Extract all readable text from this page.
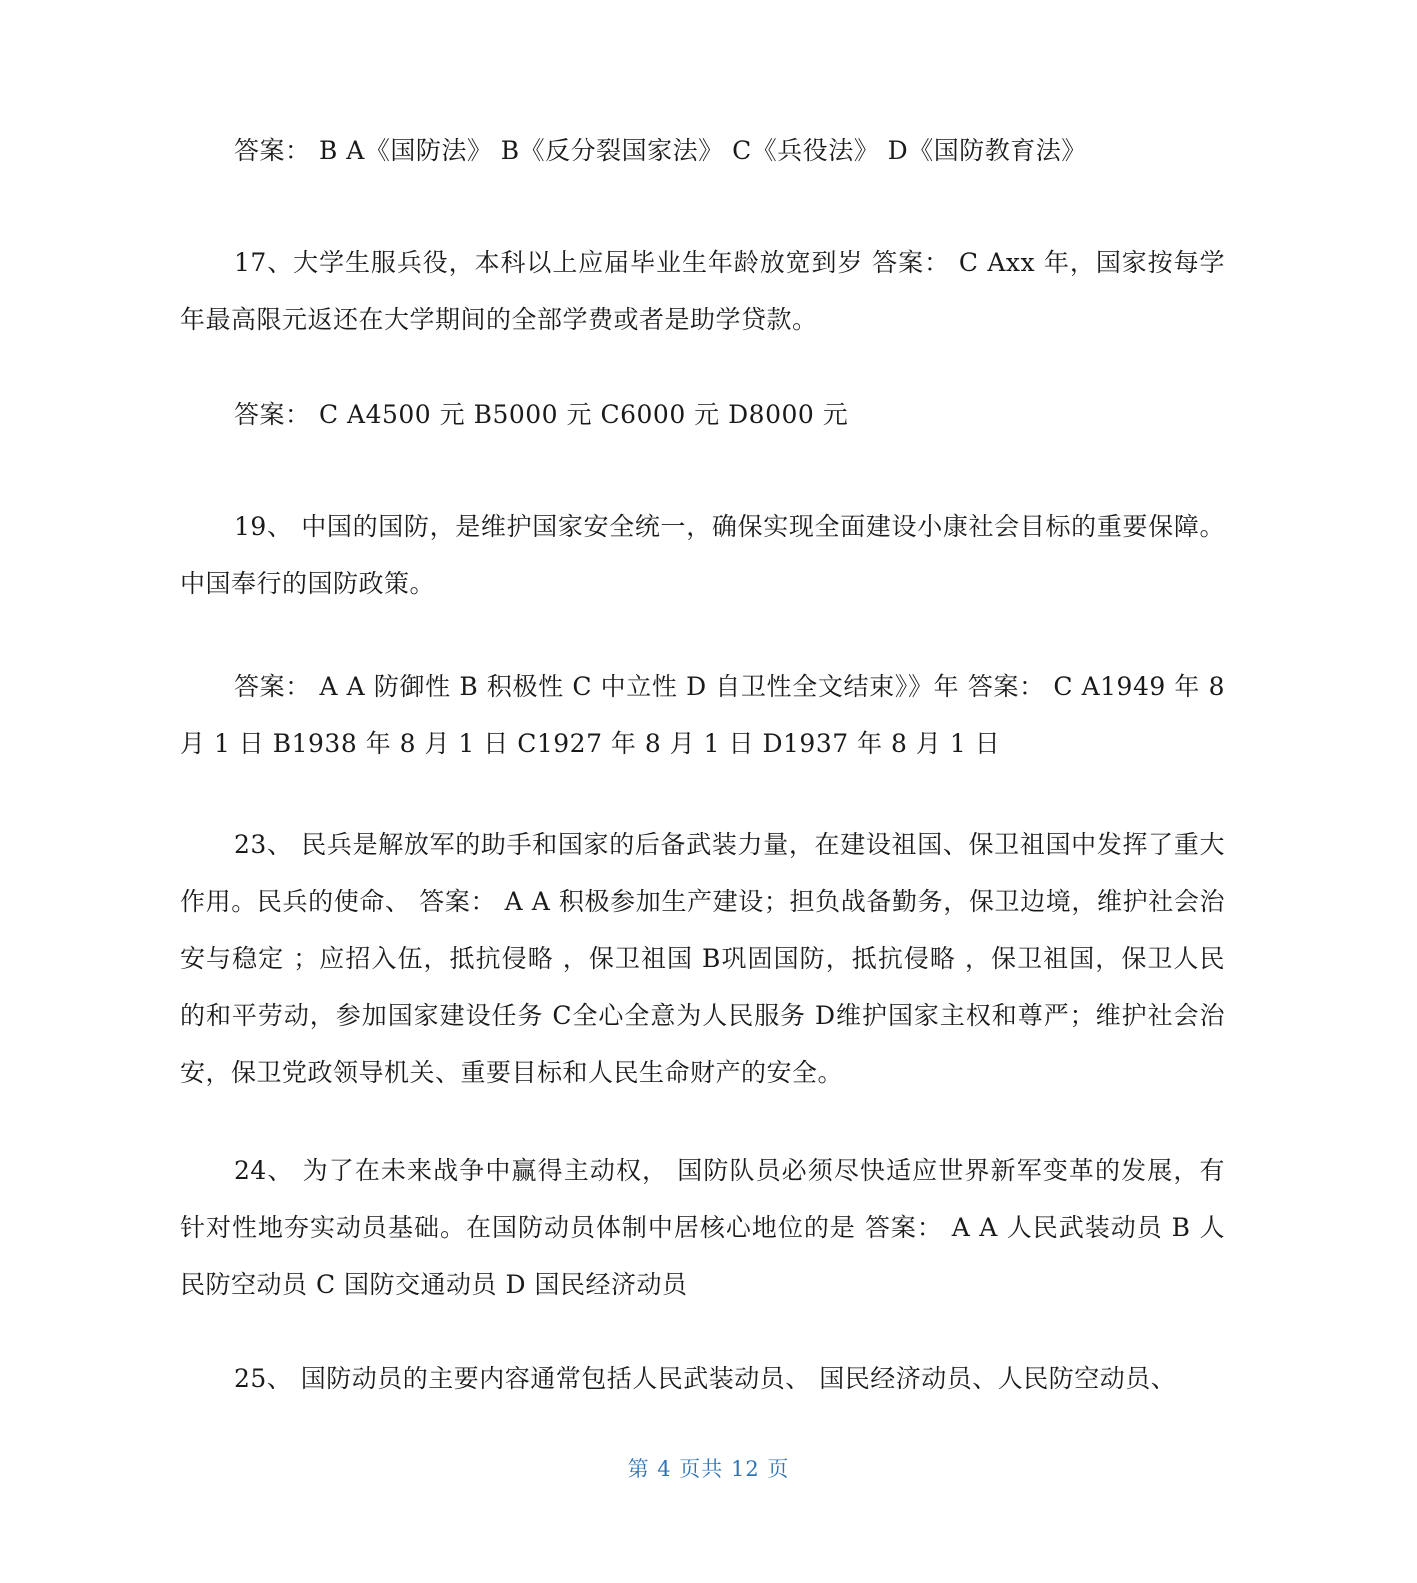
答案： B A《国防法》 B《反分裂国家法》 C《兵役法》 D《国防教育法》

17、大学生服兵役，本科以上应届毕业生年龄放宽到岁 答案： C Axx 年，国家按每学年最高限元返还在大学期间的全部学费或者是助学贷款。

答案： C A4500 元 B5000 元 C6000 元 D8000 元

19、 中国的国防，是维护国家安全统一，确保实现全面建设小康社会目标的重要保障。中国奉行的国防政策。

答案： A A 防御性 B 积极性 C 中立性 D 自卫性全文结束》》年 答案： C A1949 年 8 月 1 日 B1938 年 8 月 1 日 C1927 年 8 月 1 日 D1937 年 8 月 1 日

23、 民兵是解放军的助手和国家的后备武装力量，在建设祖国、保卫祖国中发挥了重大作用。民兵的使命、 答案： A A 积极参加生产建设；担负战备勤务，保卫边境，维护社会治安与稳定 ；应招入伍，抵抗侵略 ，保卫祖国 B巩固国防，抵抗侵略 ，保卫祖国，保卫人民的和平劳动，参加国家建设任务 C全心全意为人民服务 D维护国家主权和尊严；维护社会治安，保卫党政领导机关、重要目标和人民生命财产的安全。

24、 为了在未来战争中赢得主动权， 国防队员必须尽快适应世界新军变革的发展，有针对性地夯实动员基础。在国防动员体制中居核心地位的是 答案： A A 人民武装动员 B 人民防空动员 C 国防交通动员 D 国民经济动员

25、 国防动员的主要内容通常包括人民武装动员、 国民经济动员、人民防空动员、

第 4 页共 12 页
